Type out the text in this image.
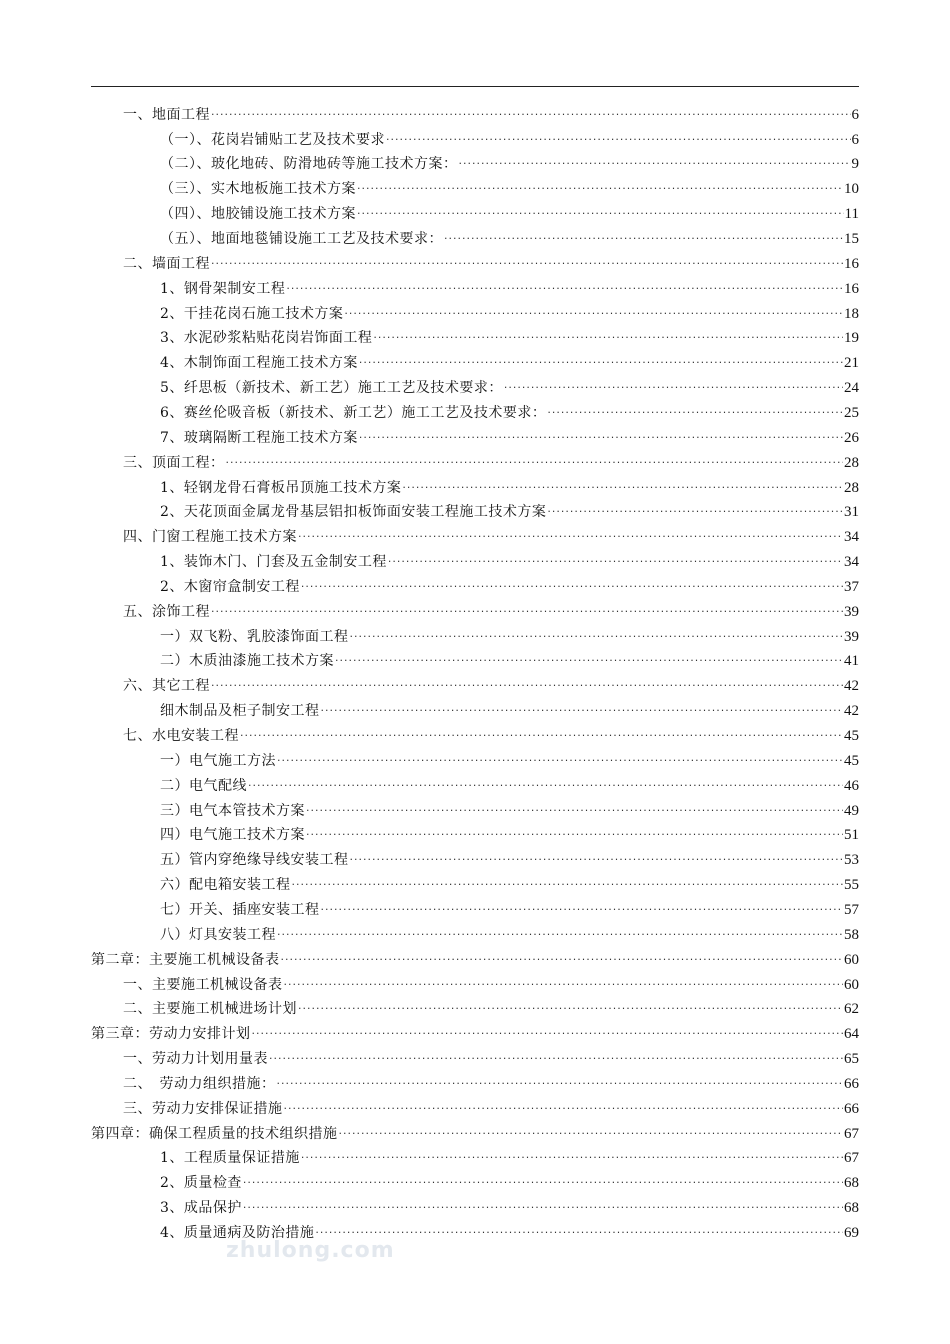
一、地面工程 ·····	6
（一）、花岗岩铺贴工艺及技术要求 ·····	6
（二）、玻化地砖、防滑地砖等施工技术方案： ·····	9
（三）、实木地板施工技术方案 ·····	10
（四）、地胶铺设施工技术方案 ·····	11
（五）、地面地毯铺设施工工艺及技术要求： ·····	15
二、墙面工程 ·····	16
1、钢骨架制安工程 ·····	16
2、干挂花岗石施工技术方案 ·····	18
3、水泥砂浆粘贴花岗岩饰面工程 ·····	19
4、木制饰面工程施工技术方案 ·····	21
5、纤思板（新技术、新工艺）施工工艺及技术要求： ·····	24
6、赛丝伦吸音板（新技术、新工艺）施工工艺及技术要求： ·····	25
7、玻璃隔断工程施工技术方案 ·····	26
三、顶面工程： ·····	28
1、轻钢龙骨石膏板吊顶施工技术方案 ·····	28
2、天花顶面金属龙骨基层铝扣板饰面安装工程施工技术方案 ·····	31
四、门窗工程施工技术方案 ·····	34
1、装饰木门、门套及五金制安工程 ·····	34
2、木窗帘盒制安工程 ·····	37
五、涂饰工程 ·····	39
一）双飞粉、乳胶漆饰面工程 ·····	39
二）木质油漆施工技术方案 ·····	41
六、其它工程 ·····	42
细木制品及柜子制安工程 ·····	42
七、水电安装工程 ·····	45
一）电气施工方法 ·····	45
二）电气配线 ·····	46
三）电气本管技术方案 ·····	49
四）电气施工技术方案 ·····	51
五）管内穿绝缘导线安装工程 ·····	53
六）配电箱安装工程 ·····	55
七）开关、插座安装工程 ·····	57
八）灯具安装工程 ·····	58
第二章：主要施工机械设备表 ·····	60
一、主要施工机械设备表 ·····	60
二、主要施工机械进场计划 ·····	62
第三章：劳动力安排计划 ·····	64
一、劳动力计划用量表 ·····	65
二、　劳动力组织措施： ·····	66
三、劳动力安排保证措施 ·····	66
第四章：确保工程质量的技术组织措施 ·····	67
1、工程质量保证措施 ·····	67
2、质量检查 ·····	68
3、成品保护 ·····	68
4、质量通病及防治措施 ·····	69
zhulong.com
